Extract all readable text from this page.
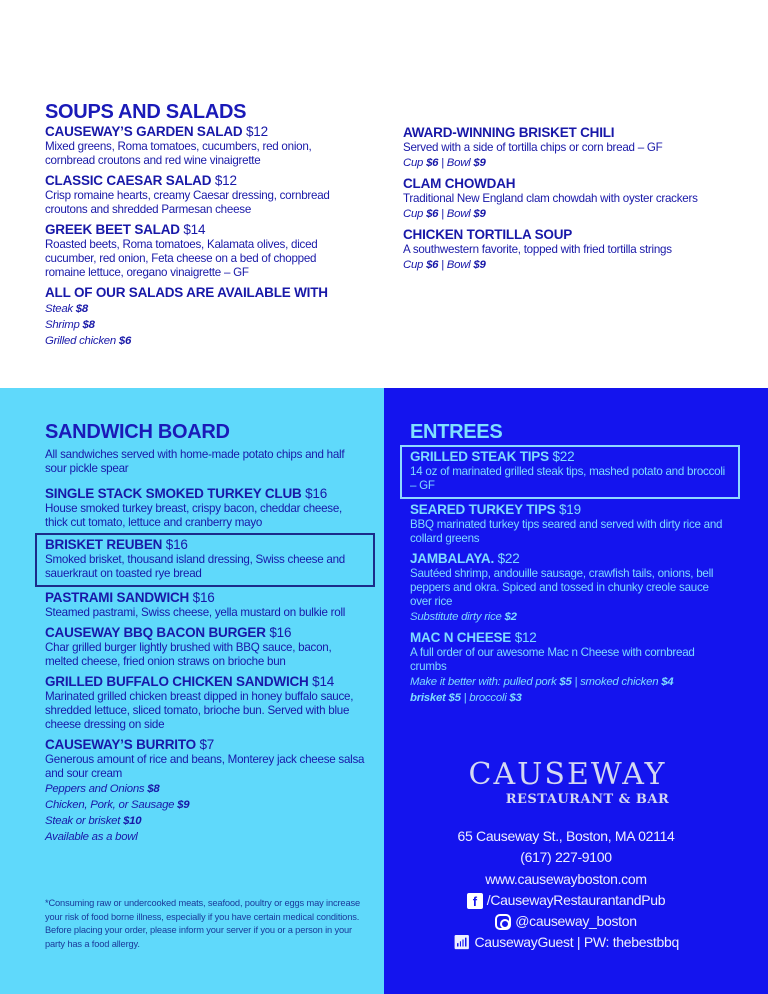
SOUPS AND SALADS
CAUSEWAY’S GARDEN SALAD $12

Mixed greens, Roma tomatoes, cucumbers, red onion, cornbread croutons and red wine vinaigrette

CLASSIC CAESAR SALAD $12

Crisp romaine hearts, creamy Caesar dressing, cornbread croutons and shredded Parmesan cheese

GREEK BEET SALAD $14

Roasted beets, Roma tomatoes, Kalamata olives, diced cucumber, red onion, Feta cheese on a bed of chopped romaine lettuce, oregano vinaigrette – GF

ALL OF OUR SALADS ARE AVAILABLE WITH
Steak $8
Shrimp $8
Grilled chicken $6
AWARD-WINNING BRISKET CHILI

Served with a side of tortilla chips or corn bread – GF

Cup $6 | Bowl $9
CLAM CHOWDAH

Traditional New England clam chowdah with oyster crackers

Cup $6 | Bowl $9
CHICKEN TORTILLA SOUP

A southwestern favorite, topped with fried tortilla strings

Cup $6 | Bowl $9
SANDWICH BOARD

All sandwiches served with home-made potato chips and half sour pickle spear

SINGLE STACK SMOKED TURKEY CLUB $16

House smoked turkey breast, crispy bacon, cheddar cheese, thick cut tomato, lettuce and cranberry mayo

BRISKET REUBEN $16

Smoked brisket, thousand island dressing, Swiss cheese and sauerkraut on toasted rye bread

PASTRAMI SANDWICH $16

Steamed pastrami, Swiss cheese, yella mustard on bulkie roll

CAUSEWAY BBQ BACON BURGER $16

Char grilled burger lightly brushed with BBQ sauce, bacon, melted cheese, fried onion straws on brioche bun

GRILLED BUFFALO CHICKEN SANDWICH $14

Marinated grilled chicken breast dipped in honey buffalo sauce, shredded lettuce, sliced tomato, brioche bun. Served with blue cheese dressing on side

CAUSEWAY’S BURRITO $7

Generous amount of rice and beans, Monterey jack cheese salsa and sour cream

Peppers and Onions $8
Chicken, Pork, or Sausage $9
Steak or brisket $10
Available as a bowl
ENTREES
GRILLED STEAK TIPS $22

14 oz of marinated grilled steak tips, mashed potato and broccoli – GF

SEARED TURKEY TIPS $19

BBQ marinated turkey tips seared and served with dirty rice and collard greens

JAMBALAYA. $22

Sautéed shrimp, andouille sausage, crawfish tails, onions, bell peppers and okra. Spiced and tossed in chunky creole sauce over rice

Substitute dirty rice $2
MAC N CHEESE $12

A full order of our awesome Mac n Cheese with cornbread crumbs

Make it better with: pulled pork $5 | smoked chicken $4
brisket $5 | broccoli $3
CAUSEWAY
RESTAURANT & BAR
65 Causeway St., Boston, MA 02114
(617) 227-9100
www.causewayboston.com
f /CausewayRestaurantandPub
@causeway_boston
📶︎ CausewayGuest | PW: thebestbbq

*Consuming raw or undercooked meats, seafood, poultry or eggs may increase your risk of food borne illness, especially if you have certain medical conditions. Before placing your order, please inform your server if you or a person in your party has a food allergy.
